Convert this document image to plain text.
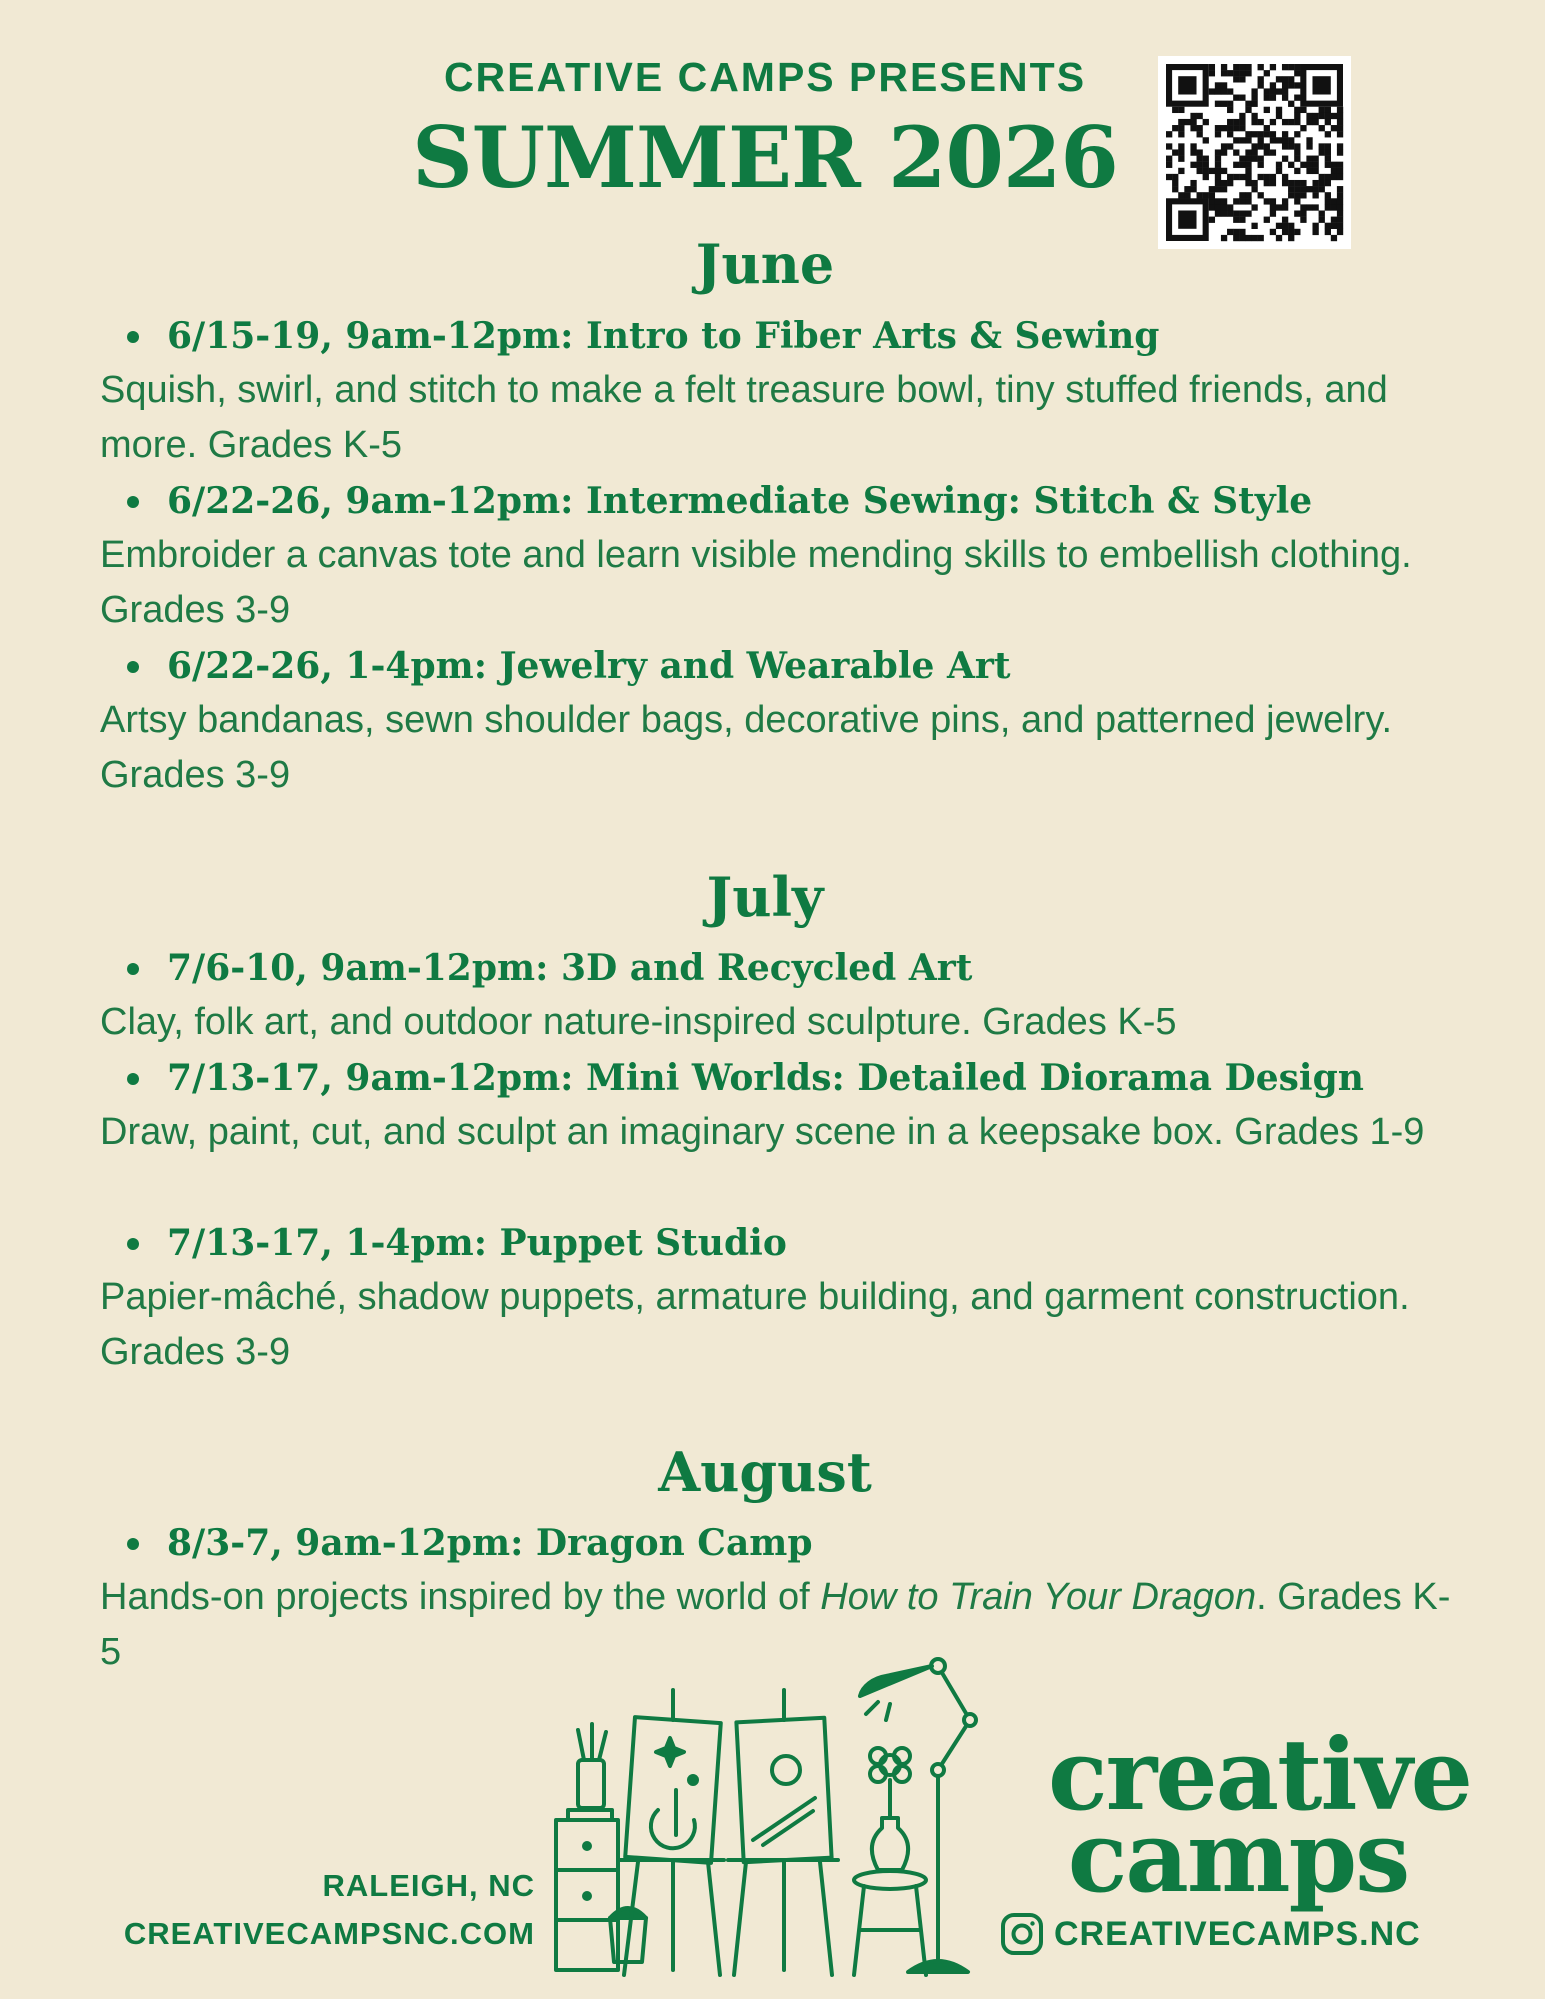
CREATIVE CAMPS PRESENTS
SUMMER 2026
June
6/15-19, 9am-12pm: Intro to Fiber Arts & Sewing
Squish, swirl, and stitch to make a felt treasure bowl, tiny stuffed friends, and more. Grades K-5
6/22-26, 9am-12pm: Intermediate Sewing: Stitch & Style
Embroider a canvas tote and learn visible mending skills to embellish clothing. Grades 3-9
6/22-26, 1-4pm: Jewelry and Wearable Art
Artsy bandanas, sewn shoulder bags, decorative pins, and patterned jewelry. Grades 3-9
July
7/6-10, 9am-12pm: 3D and Recycled Art
Clay, folk art, and outdoor nature-inspired sculpture. Grades K-5
7/13-17, 9am-12pm: Mini Worlds: Detailed Diorama Design
Draw, paint, cut, and sculpt an imaginary scene in a keepsake box. Grades 1-9
7/13-17, 1-4pm: Puppet Studio
Papier-mâché, shadow puppets, armature building, and garment construction. Grades 3-9
August
8/3-7, 9am-12pm: Dragon Camp
Hands-on projects inspired by the world of How to Train Your Dragon. Grades K-5
RALEIGH, NC
CREATIVECAMPSNC.COM
creative
camps
CREATIVECAMPS.NC
